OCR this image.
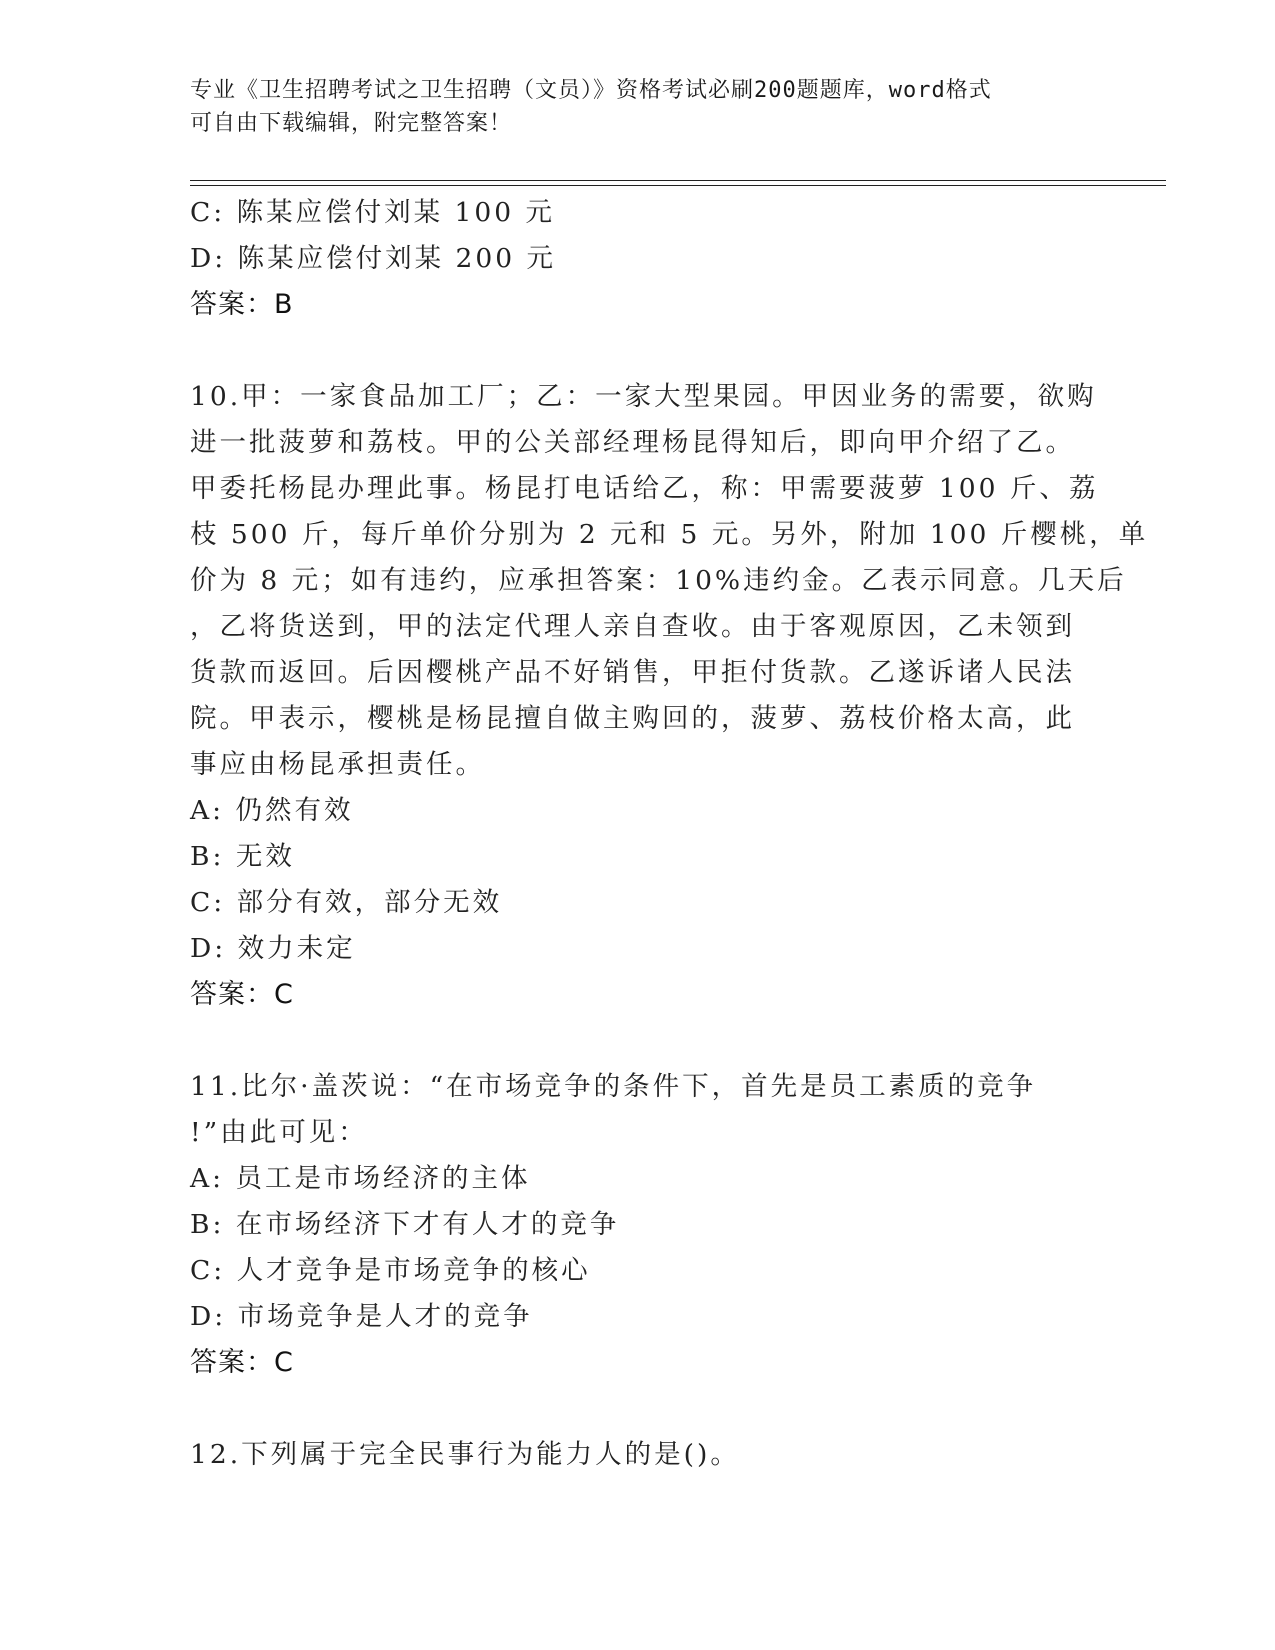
专业《卫生招聘考试之卫生招聘（文员）》资格考试必刷200题题库，word格式
可自由下载编辑，附完整答案！
C: 陈某应偿付刘某 100 元
D: 陈某应偿付刘某 200 元
答案：B
10.甲：一家食品加工厂；乙：一家大型果园。甲因业务的需要，欲购
进一批菠萝和荔枝。甲的公关部经理杨昆得知后，即向甲介绍了乙。
甲委托杨昆办理此事。杨昆打电话给乙，称：甲需要菠萝 100 斤、荔
枝 500 斤，每斤单价分别为 2 元和 5 元。另外，附加 100 斤樱桃，单
价为 8 元；如有违约，应承担答案：10%违约金。乙表示同意。几天后
，乙将货送到，甲的法定代理人亲自查收。由于客观原因，乙未领到
货款而返回。后因樱桃产品不好销售，甲拒付货款。乙遂诉诸人民法
院。甲表示，樱桃是杨昆擅自做主购回的，菠萝、荔枝价格太高，此
事应由杨昆承担责任。
A: 仍然有效
B: 无效
C: 部分有效，部分无效
D: 效力未定
答案：C
11.比尔·盖茨说：“在市场竞争的条件下，首先是员工素质的竞争
!”由此可见：
A: 员工是市场经济的主体
B: 在市场经济下才有人才的竞争
C: 人才竞争是市场竞争的核心
D: 市场竞争是人才的竞争
答案：C
12.下列属于完全民事行为能力人的是()。
